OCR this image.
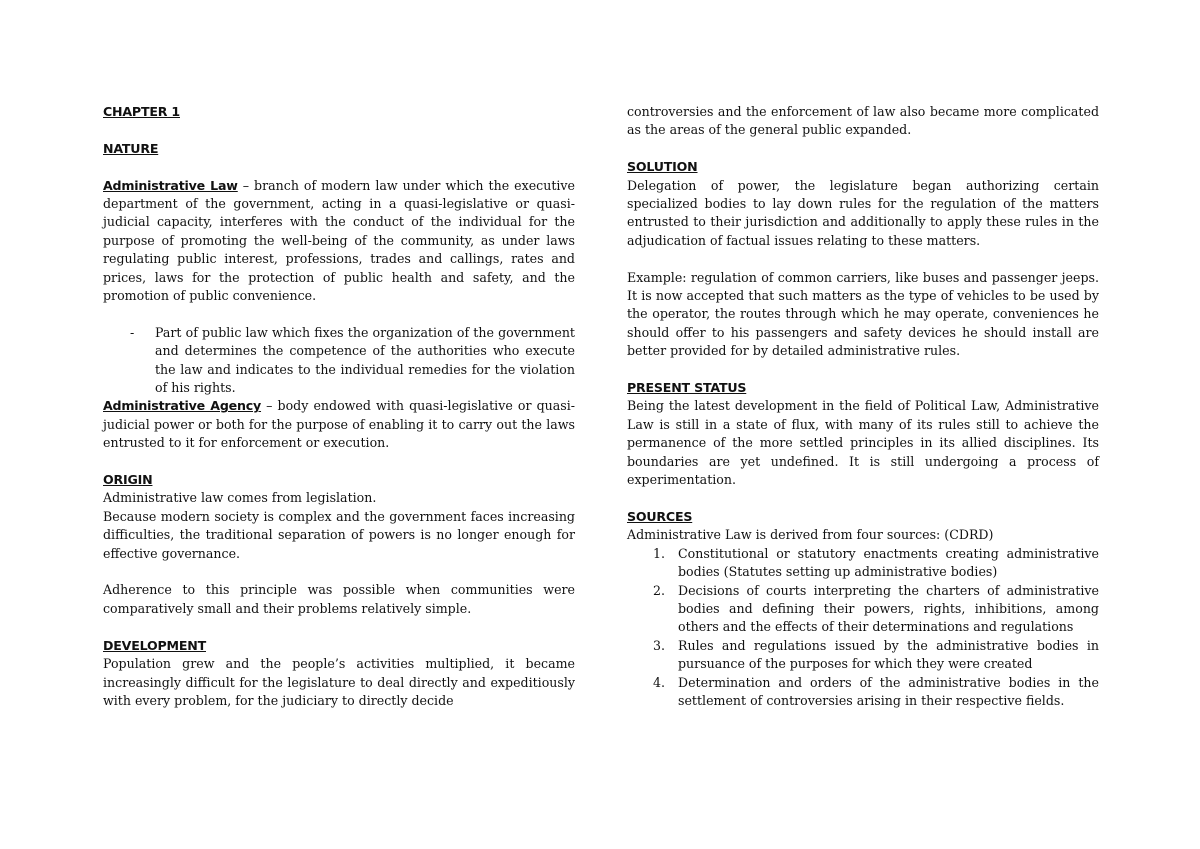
CHAPTER 1

NATURE

Administrative Law – branch of modern law under which the executive department of the government, acting in a quasi-legislative or quasi-judicial capacity, interferes with the conduct of the individual for the purpose of promoting the well-being of the community, as under laws regulating public interest, professions, trades and callings, rates and prices, laws for the protection of public health and safety, and the promotion of public convenience.

- Part of public law which fixes the organization of the government and determines the competence of the authorities who execute the law and indicates to the individual remedies for the violation of his rights.

Administrative Agency – body endowed with quasi-legislative or quasi-judicial power or both for the purpose of enabling it to carry out the laws entrusted to it for enforcement or execution.

ORIGIN

Administrative law comes from legislation.

Because modern society is complex and the government faces increasing difficulties, the traditional separation of powers is no longer enough for effective governance.

Adherence to this principle was possible when communities were comparatively small and their problems relatively simple.

DEVELOPMENT

Population grew and the people’s activities multiplied, it became increasingly difficult for the legislature to deal directly and expeditiously with every problem, for the judiciary to directly decide

controversies and the enforcement of law also became more complicated as the areas of the general public expanded.

SOLUTION

Delegation of power, the legislature began authorizing certain specialized bodies to lay down rules for the regulation of the matters entrusted to their jurisdiction and additionally to apply these rules in the adjudication of factual issues relating to these matters.

Example: regulation of common carriers, like buses and passenger jeeps. It is now accepted that such matters as the type of vehicles to be used by the operator, the routes through which he may operate, conveniences he should offer to his passengers and safety devices he should install are better provided for by detailed administrative rules.

PRESENT STATUS

Being the latest development in the field of Political Law, Administrative Law is still in a state of flux, with many of its rules still to achieve the permanence of the more settled principles in its allied disciplines. Its boundaries are yet undefined. It is still undergoing a process of experimentation.

SOURCES

Administrative Law is derived from four sources: (CDRD)

1. Constitutional or statutory enactments creating administrative bodies (Statutes setting up administrative bodies)
2. Decisions of courts interpreting the charters of administrative bodies and defining their powers, rights, inhibitions, among others and the effects of their determinations and regulations
3. Rules and regulations issued by the administrative bodies in pursuance of the purposes for which they were created
4. Determination and orders of the administrative bodies in the settlement of controversies arising in their respective fields.
